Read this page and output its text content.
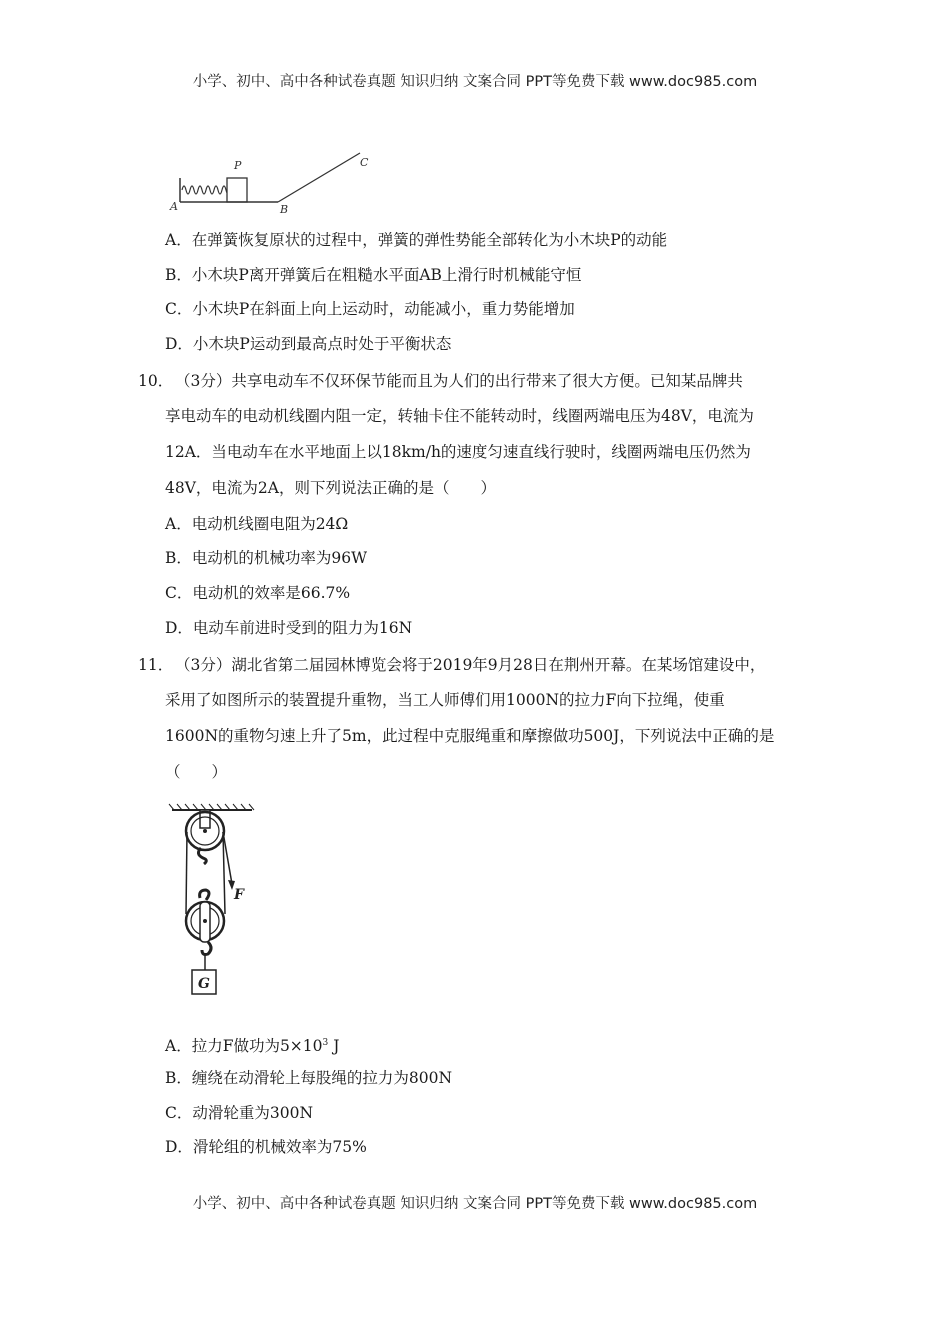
小学、初中、高中各种试卷真题 知识归纳 文案合同 PPT等免费下载 www.doc985.com
A
P
B
C
A．在弹簧恢复原状的过程中，弹簧的弹性势能全部转化为小木块P的动能
B．小木块P离开弹簧后在粗糙水平面AB上滑行时机械能守恒
C．小木块P在斜面上向上运动时，动能减小，重力势能增加
D．小木块P运动到最高点时处于平衡状态
10． （3分）共享电动车不仅环保节能而且为人们的出行带来了很大方便。已知某品牌共
享电动车的电动机线圈内阻一定，转轴卡住不能转动时，线圈两端电压为48V，电流为
12A．当电动车在水平地面上以18km/h的速度匀速直线行驶时，线圈两端电压仍然为
48V，电流为2A，则下列说法正确的是（　　）
A．电动机线圈电阻为24Ω
B．电动机的机械功率为96W
C．电动机的效率是66.7%
D．电动车前进时受到的阻力为16N
11． （3分）湖北省第二届园林博览会将于2019年9月28日在荆州开幕。在某场馆建设中，
采用了如图所示的装置提升重物，当工人师傅们用1000N的拉力F向下拉绳，使重
1600N的重物匀速上升了5m，此过程中克服绳重和摩擦做功500J，下列说法中正确的是
（　　）
F
G
A．拉力F做功为$5\times 10^3$ J
B．缠绕在动滑轮上每股绳的拉力为800N
C．动滑轮重为300N
D．滑轮组的机械效率为75%
小学、初中、高中各种试卷真题 知识归纳 文案合同 PPT等免费下载 www.doc985.com
